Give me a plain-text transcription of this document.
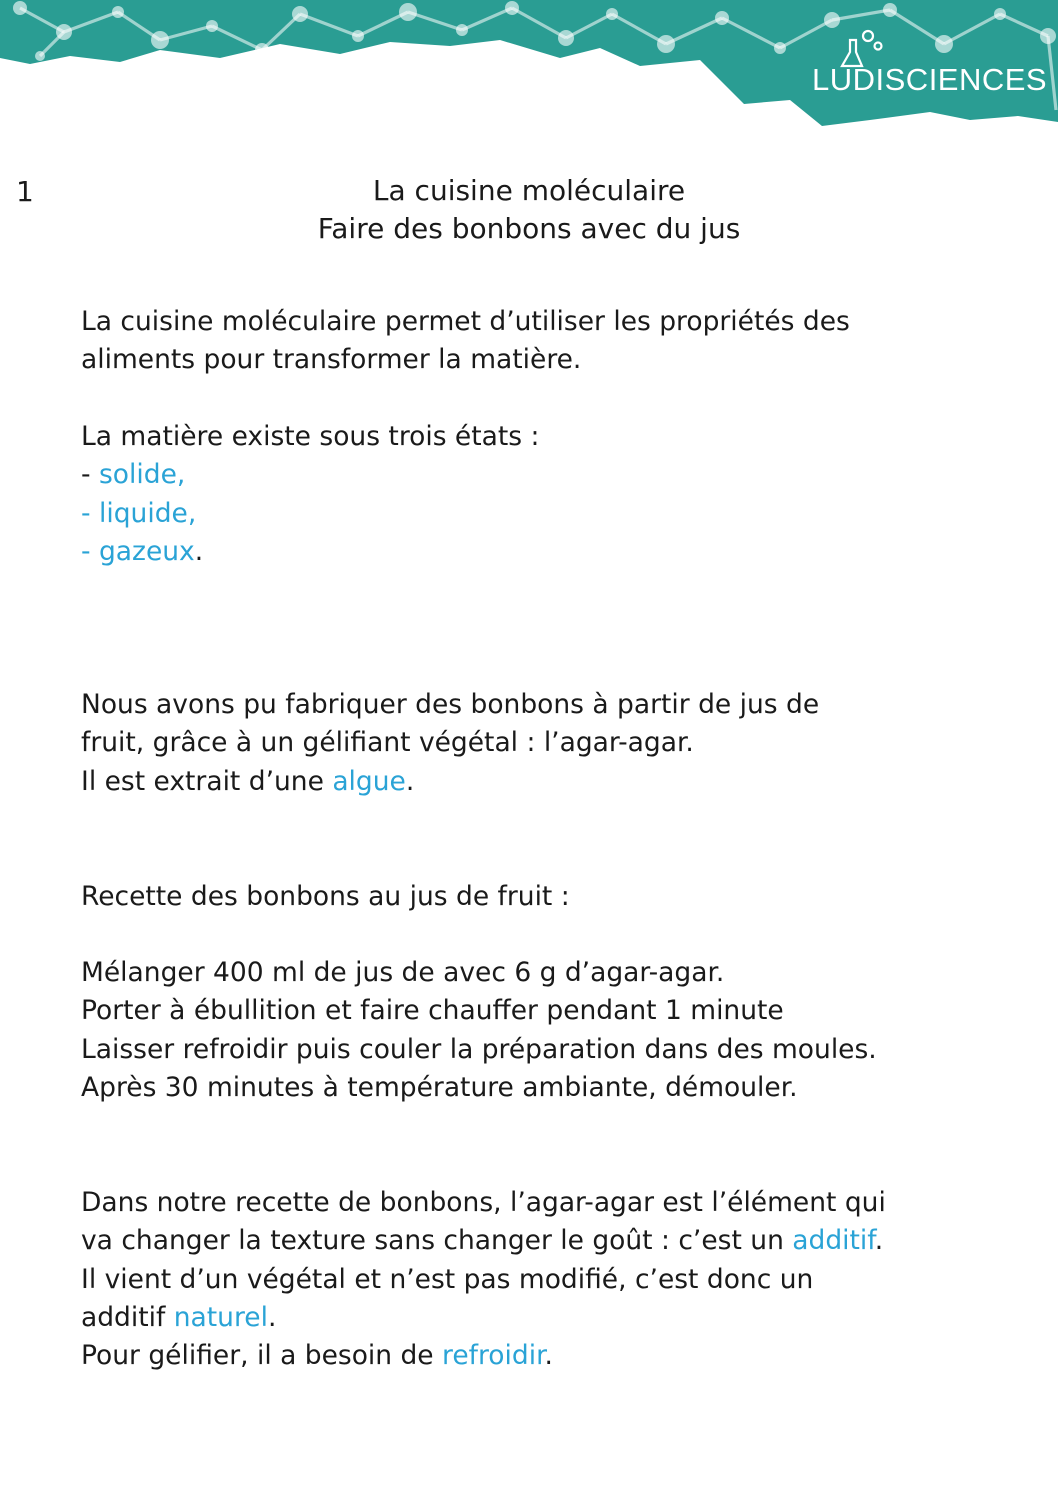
LUDISCIENCES
1	La cuisine moléculaire
Faire des bonbons avec du jus

La cuisine moléculaire permet d’utiliser les propriétés des
aliments pour transformer la matière.

La matière existe sous trois états :
- solide,
- liquide,
- gazeux.

Nous avons pu fabriquer des bonbons à partir de jus de
fruit, grâce à un gélifiant végétal : l’agar-agar.
Il est extrait d’une algue.

Recette des bonbons au jus de fruit :

Mélanger 400 ml de jus de avec 6 g d’agar-agar.
Porter à ébullition et faire chauffer pendant 1 minute
Laisser refroidir puis couler la préparation dans des moules.
Après 30 minutes à température ambiante, démouler.

Dans notre recette de bonbons, l’agar-agar est l’élément qui
va changer la texture sans changer le goût : c’est un additif.
Il vient d’un végétal et n’est pas modifié, c’est donc un
additif naturel.
Pour gélifier, il a besoin de refroidir.
